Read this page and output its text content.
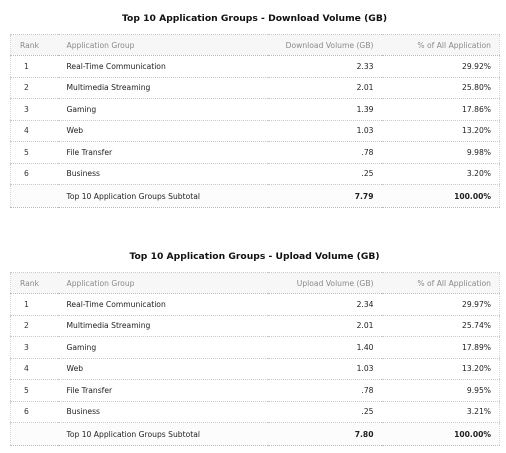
Top 10 Application Groups - Download Volume (GB)
Rank	Application Group	Download Volume (GB)	% of All Application
1	Real-Time Communication	2.33	29.92%
2	Multimedia Streaming	2.01	25.80%
3	Gaming	1.39	17.86%
4	Web	1.03	13.20%
5	File Transfer	.78	9.98%
6	Business	.25	3.20%
	Top 10 Application Groups Subtotal	7.79	100.00%
Top 10 Application Groups - Upload Volume (GB)
Rank	Application Group	Upload Volume (GB)	% of All Application
1	Real-Time Communication	2.34	29.97%
2	Multimedia Streaming	2.01	25.74%
3	Gaming	1.40	17.89%
4	Web	1.03	13.20%
5	File Transfer	.78	9.95%
6	Business	.25	3.21%
	Top 10 Application Groups Subtotal	7.80	100.00%
